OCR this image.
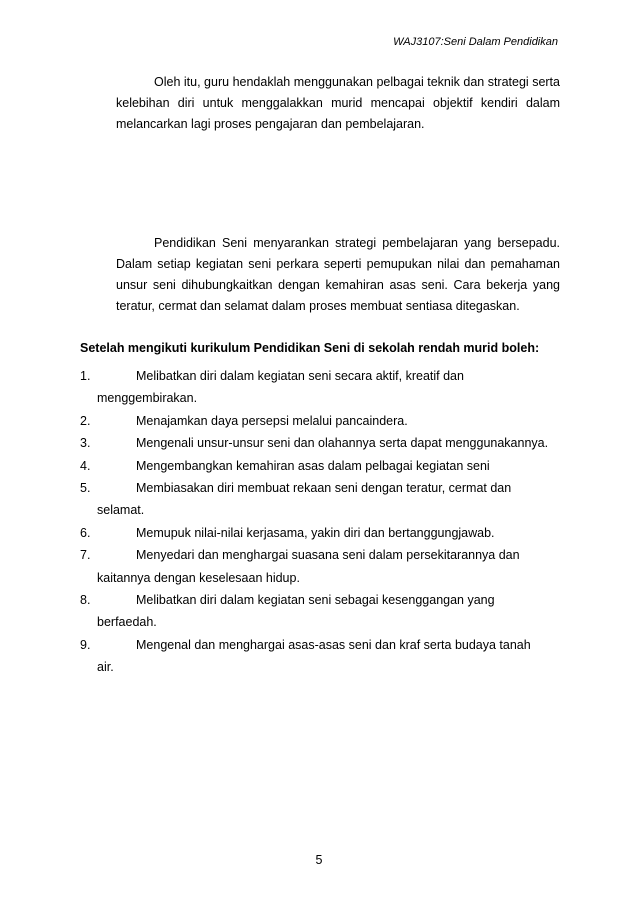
WAJ3107:Seni Dalam Pendidikan

Oleh itu, guru hendaklah menggunakan pelbagai teknik dan strategi serta kelebihan diri untuk menggalakkan murid mencapai objektif kendiri dalam melancarkan lagi proses pengajaran dan pembelajaran.

Pendidikan Seni menyarankan strategi pembelajaran yang bersepadu. Dalam setiap kegiatan seni perkara seperti pemupukan nilai dan pemahaman unsur seni dihubungkaitkan dengan kemahiran asas seni. Cara bekerja yang teratur, cermat dan selamat dalam proses membuat sentiasa ditegaskan.

Setelah mengikuti kurikulum Pendidikan Seni di sekolah rendah murid boleh:

1.	Melibatkan diri dalam kegiatan seni secara aktif, kreatif dan
menggembirakan.
2.	Menajamkan daya persepsi melalui pancaindera.
3.	Mengenali unsur-unsur seni dan olahannya serta dapat menggunakannya.
4.	Mengembangkan kemahiran asas dalam pelbagai kegiatan seni
5.	Membiasakan diri membuat rekaan seni dengan teratur, cermat dan
selamat.
6.	Memupuk nilai-nilai kerjasama, yakin diri dan bertanggungjawab.
7.	Menyedari dan menghargai suasana seni dalam persekitarannya dan
kaitannya dengan keselesaan hidup.
8.	Melibatkan diri dalam kegiatan seni sebagai kesenggangan yang
berfaedah.
9.	Mengenal dan menghargai asas-asas seni dan kraf serta budaya tanah
air.
5
